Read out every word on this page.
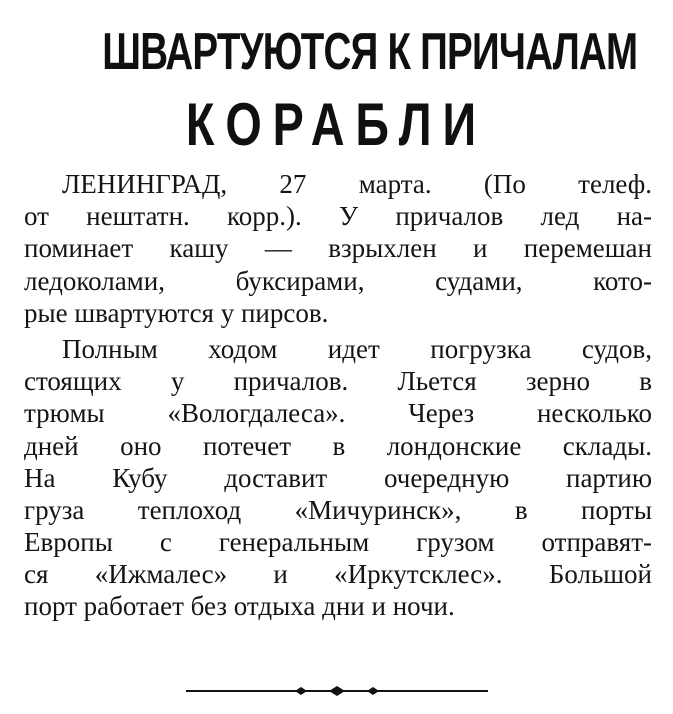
ШВАРТУЮТСЯ К ПРИЧАЛАМ
КОРАБЛИ

ЛЕНИНГРАД, 27 марта. (По телеф.
от нештатн. корр.). У причалов лед на-
поминает кашу — взрыхлен и перемешан
ледоколами, буксирами, судами, кото-
рые швартуются у пирсов.

Полным ходом идет погрузка судов,
стоящих у причалов. Льется зерно в
трюмы «Вологдалеса». Через несколько
дней оно потечет в лондонские склады.
На Кубу доставит очередную партию
груза теплоход «Мичуринск», в порты
Европы с генеральным грузом отправят-
ся «Ижмалес» и «Иркутсклес». Большой
порт работает без отдыха дни и ночи.
